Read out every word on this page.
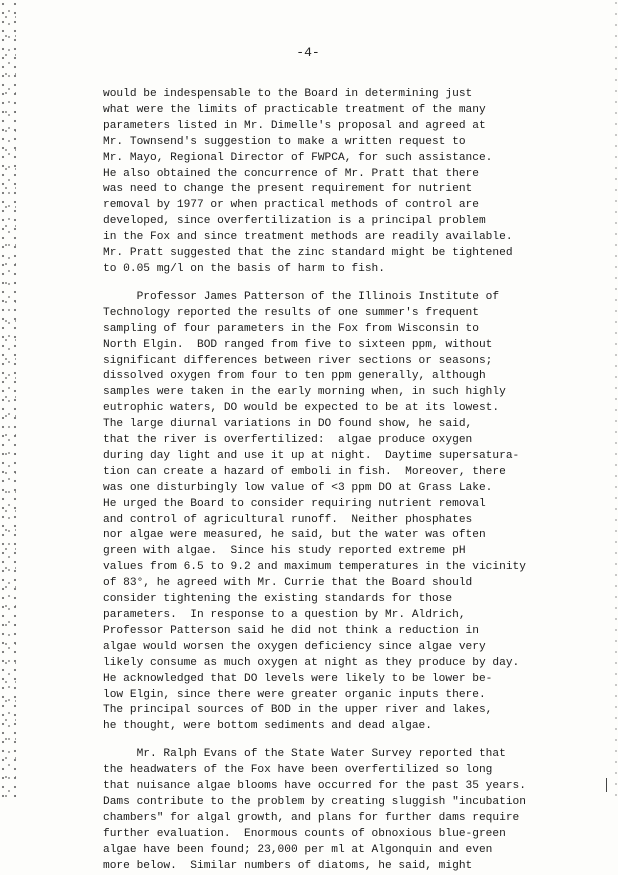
-4-
would be indespensable to the Board in determining just
what were the limits of practicable treatment of the many
parameters listed in Mr. Dimelle's proposal and agreed at
Mr. Townsend's suggestion to make a written request to
Mr. Mayo, Regional Director of FWPCA, for such assistance.
He also obtained the concurrence of Mr. Pratt that there
was need to change the present requirement for nutrient
removal by 1977 or when practical methods of control are
developed, since overfertilization is a principal problem
in the Fox and since treatment methods are readily available.
Mr. Pratt suggested that the zinc standard might be tightened
to 0.05 mg/l on the basis of harm to fish.
Professor James Patterson of the Illinois Institute of
Technology reported the results of one summer's frequent
sampling of four parameters in the Fox from Wisconsin to
North Elgin.  BOD ranged from five to sixteen ppm, without
significant differences between river sections or seasons;
dissolved oxygen from four to ten ppm generally, although
samples were taken in the early morning when, in such highly
eutrophic waters, DO would be expected to be at its lowest.
The large diurnal variations in DO found show, he said,
that the river is overfertilized:  algae produce oxygen
during day light and use it up at night.  Daytime supersatura-
tion can create a hazard of emboli in fish.  Moreover, there
was one disturbingly low value of <3 ppm DO at Grass Lake.
He urged the Board to consider requiring nutrient removal
and control of agricultural runoff.  Neither phosphates
nor algae were measured, he said, but the water was often
green with algae.  Since his study reported extreme pH
values from 6.5 to 9.2 and maximum temperatures in the vicinity
of 83°, he agreed with Mr. Currie that the Board should
consider tightening the existing standards for those
parameters.  In response to a question by Mr. Aldrich,
Professor Patterson said he did not think a reduction in
algae would worsen the oxygen deficiency since algae very
likely consume as much oxygen at night as they produce by day.
He acknowledged that DO levels were likely to be lower be-
low Elgin, since there were greater organic inputs there.
The principal sources of BOD in the upper river and lakes,
he thought, were bottom sediments and dead algae.
Mr. Ralph Evans of the State Water Survey reported that
the headwaters of the Fox have been overfertilized so long
that nuisance algae blooms have occurred for the past 35 years.
Dams contribute to the problem by creating sluggish "incubation
chambers" for algal growth, and plans for further dams require
further evaluation.  Enormous counts of obnoxious blue-green
algae have been found; 23,000 per ml at Algonquin and even
more below.  Similar numbers of diatoms, he said, might
